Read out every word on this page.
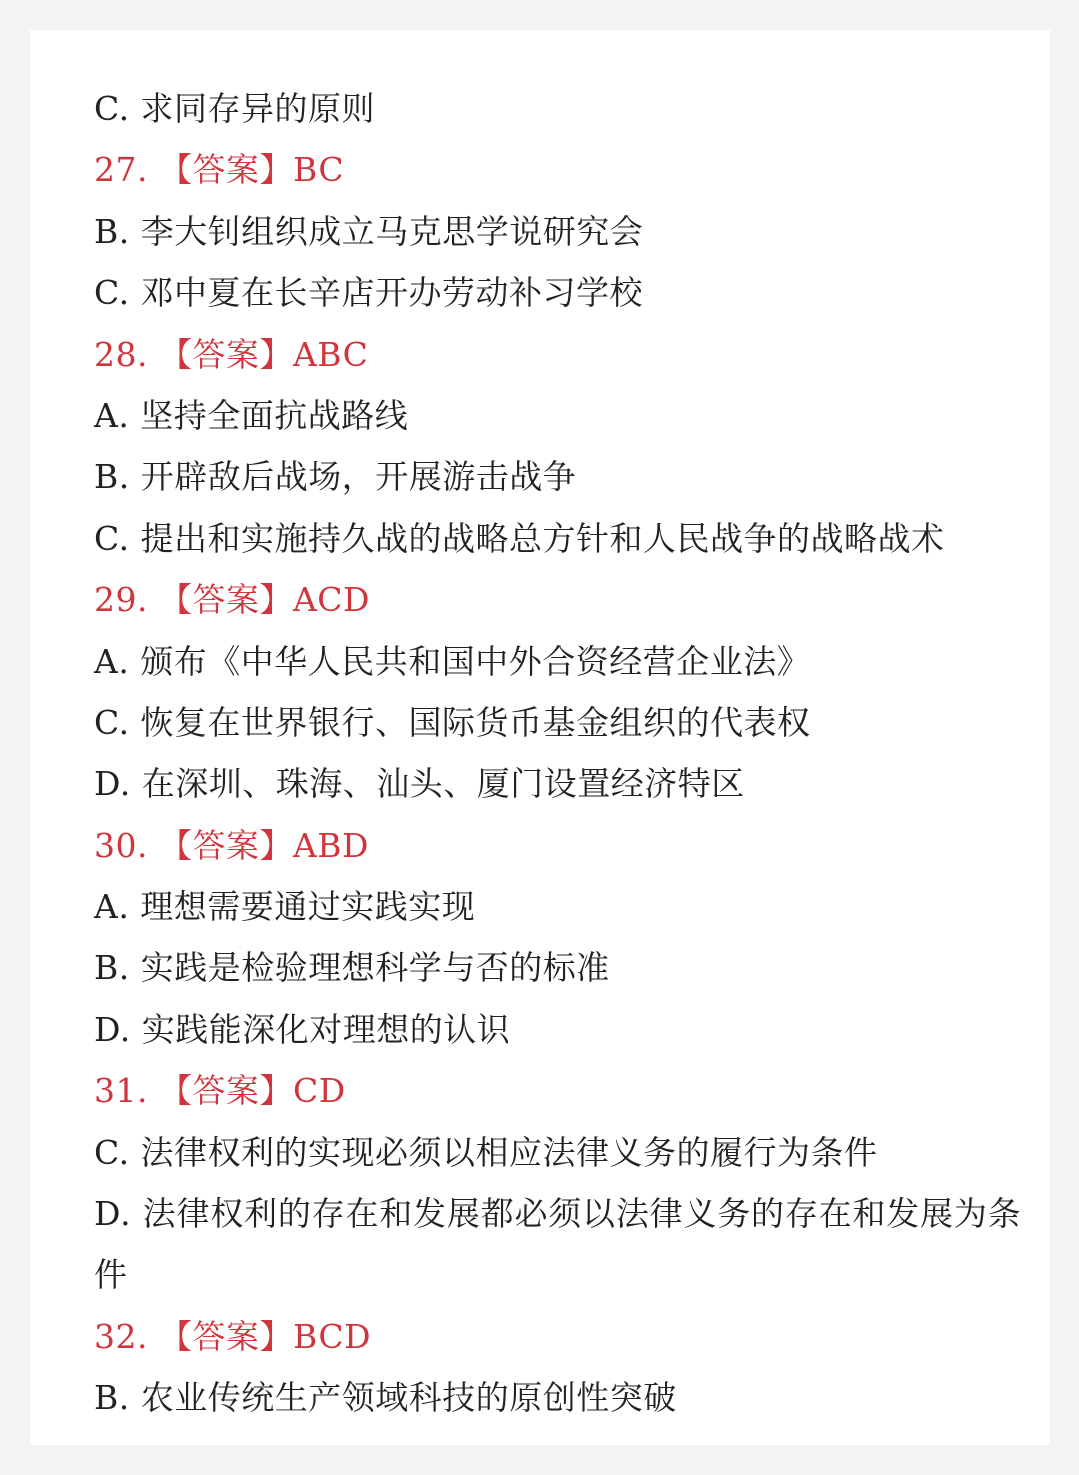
C. 求同存异的原则
27. 【答案】BC
B. 李大钊组织成立马克思学说研究会
C. 邓中夏在长辛店开办劳动补习学校
28. 【答案】ABC
A. 坚持全面抗战路线
B. 开辟敌后战场，开展游击战争
C. 提出和实施持久战的战略总方针和人民战争的战略战术
29. 【答案】ACD
A. 颁布《中华人民共和国中外合资经营企业法》
C. 恢复在世界银行、国际货币基金组织的代表权
D. 在深圳、珠海、汕头、厦门设置经济特区
30. 【答案】ABD
A. 理想需要通过实践实现
B. 实践是检验理想科学与否的标准
D. 实践能深化对理想的认识
31. 【答案】CD
C. 法律权利的实现必须以相应法律义务的履行为条件
D. 法律权利的存在和发展都必须以法律义务的存在和发展为条件
32. 【答案】BCD
B. 农业传统生产领域科技的原创性突破
